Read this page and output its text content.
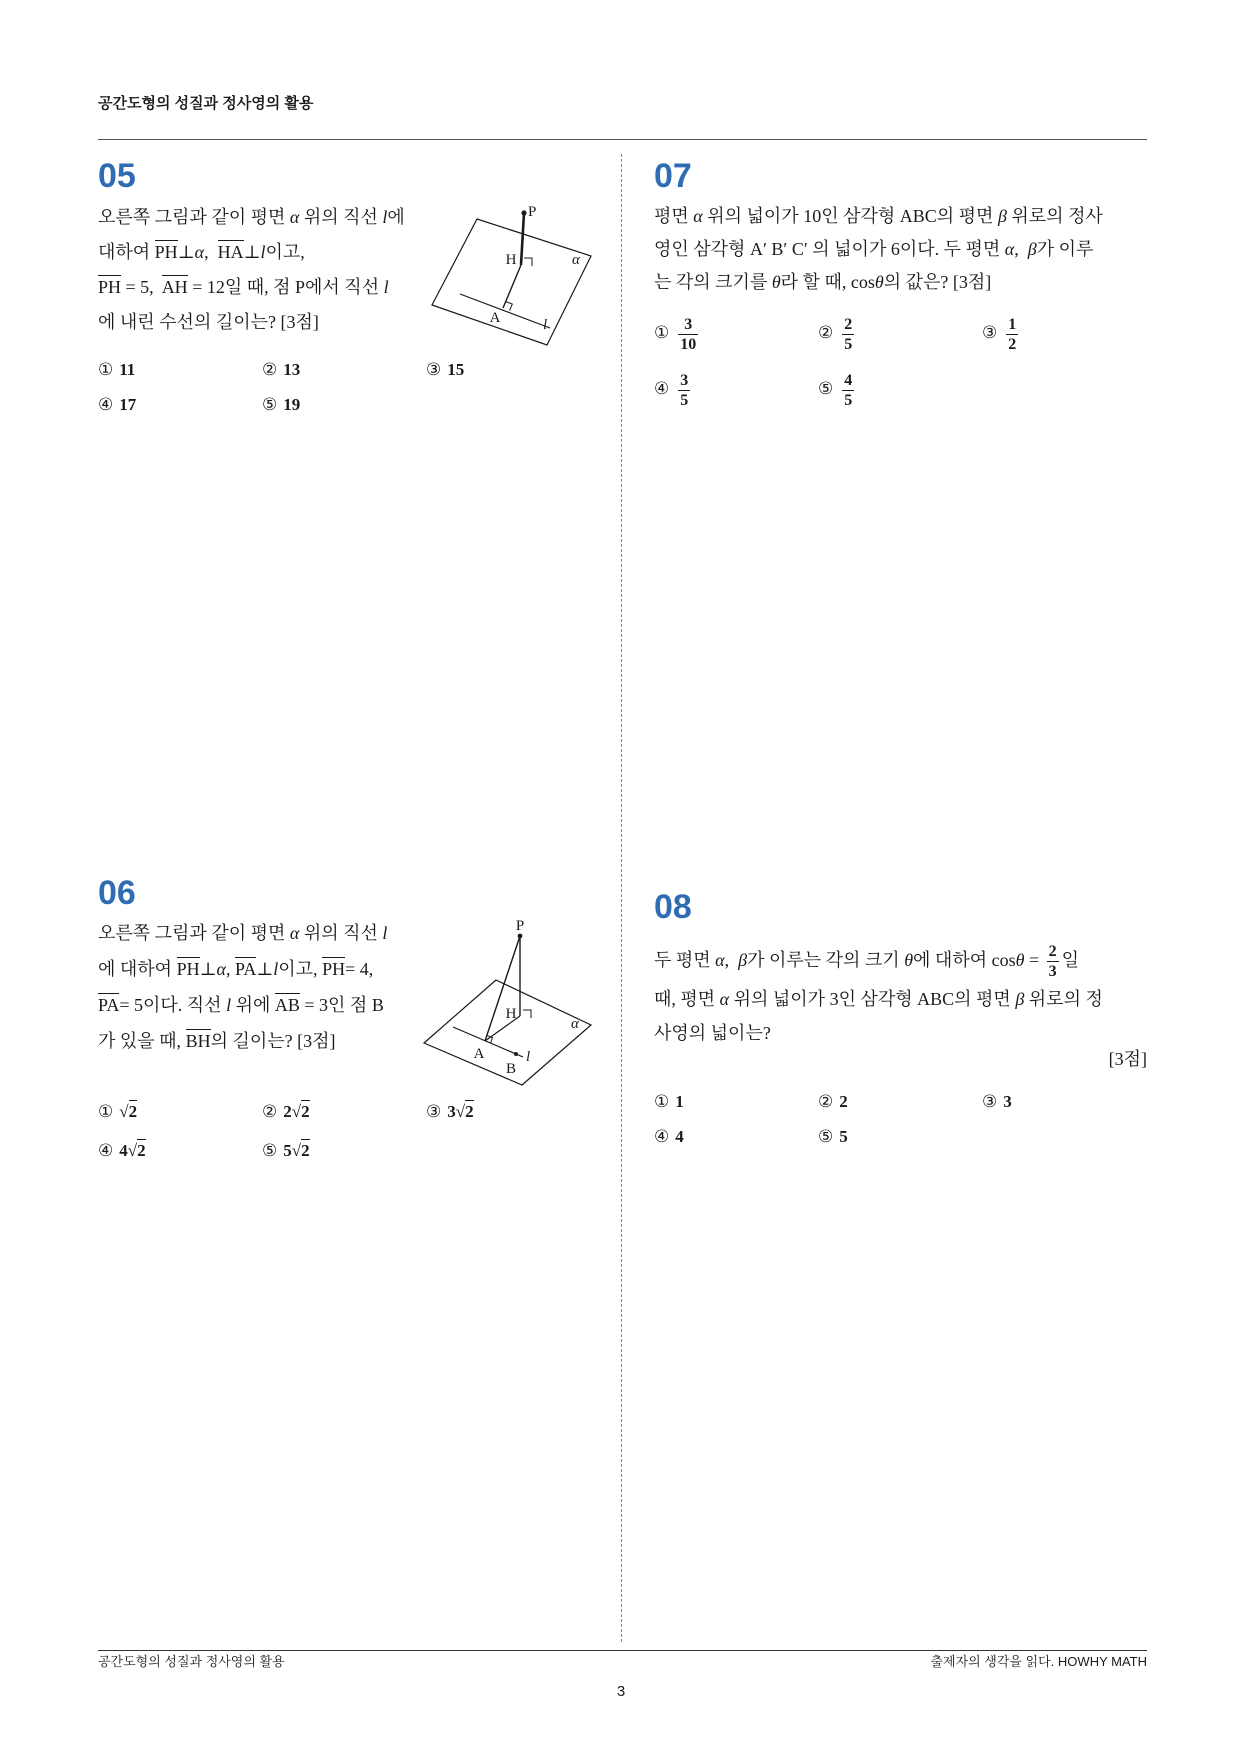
공간도형의 성질과 정사영의 활용
05
오른쪽 그림과 같이 평면 α 위의 직선 l에
대하여 PH⊥α,  HA⊥l이고,
PH = 5,  AH = 12일 때, 점 P에서 직선 l
에 내린 수선의 길이는? [3점]
P
H	α
A	l
① 11	② 13	③ 15
④ 17	⑤ 19
07
평면 α 위의 넓이가 10인 삼각형 ABC의 평면 β 위로의 정사
영인 삼각형 A′ B′ C′ 의 넓이가 6이다. 두 평면 α,  β가 이루
는 각의 크기를 θ라 할 때, cosθ의 값은? [3점]
① $\frac{3}{10}$	② $\frac{2}{5}$	③ $\frac{1}{2}$
④ $\frac{3}{5}$	⑤ $\frac{4}{5}$
06
오른쪽 그림과 같이 평면 α 위의 직선 l
에 대하여 PH⊥α, PA⊥l이고, PH= 4,
PA= 5이다. 직선 l 위에 AB = 3인 점 B
가 있을 때, BH의 길이는? [3점]
P
H
α
A
B
l
① √2	② 2√2	③ 3√2
④ 4√2	⑤ 5√2
08
두 평면 α,  β가 이루는 각의 크기 θ에 대하여 $\cos\theta = \frac{2}{3}$ 일
때, 평면 α 위의 넓이가 3인 삼각형 ABC의 평면 β 위로의 정
사영의 넓이는?
[3점]
① 1	② 2	③ 3
④ 4	⑤ 5
공간도형의 성질과 정사영의 활용	출제자의 생각을 읽다. HOWHY MATH
3
